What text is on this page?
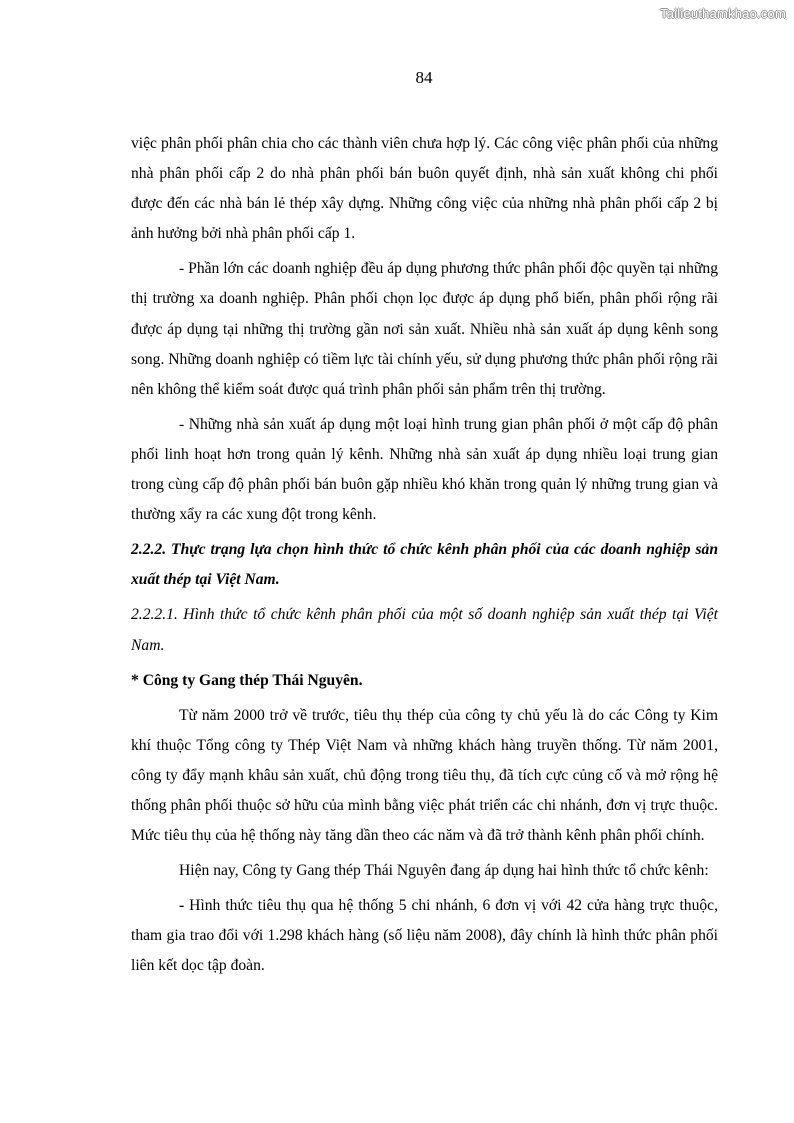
Tailieuthamkhao.com
84

việc phân phối phân chia cho các thành viên chưa hợp lý. Các công việc phân phối của những nhà phân phối cấp 2 do nhà phân phối bán buôn quyết định, nhà sản xuất không chi phối được đến các nhà bán lẻ thép xây dựng. Những công việc của những nhà phân phối cấp 2 bị ảnh hưởng bởi nhà phân phối cấp 1.

- Phần lớn các doanh nghiệp đều áp dụng phương thức phân phối độc quyền tại những thị trường xa doanh nghiệp. Phân phối chọn lọc được áp dụng phổ biến, phân phối rộng rãi được áp dụng tại những thị trường gần nơi sản xuất. Nhiều nhà sản xuất áp dụng kênh song song. Những doanh nghiệp có tiềm lực tài chính yếu, sử dụng phương thức phân phối rộng rãi nên không thể kiểm soát được quá trình phân phối sản phẩm trên thị trường.

- Những nhà sản xuất áp dụng một loại hình trung gian phân phối ở một cấp độ phân phối linh hoạt hơn trong quản lý kênh. Những nhà sản xuất áp dụng nhiều loại trung gian trong cùng cấp độ phân phối bán buôn gặp nhiều khó khăn trong quản lý những trung gian và thường xẩy ra các xung đột trong kênh.

2.2.2. Thực trạng lựa chọn hình thức tổ chức kênh phân phối của các doanh nghiệp sản xuất thép tại Việt Nam.

2.2.2.1. Hình thức tổ chức kênh phân phối của một số doanh nghiệp sản xuất thép tại Việt Nam.

* Công ty Gang thép Thái Nguyên.

Từ năm 2000 trở về trước, tiêu thụ thép của công ty chủ yếu là do các Công ty Kim khí thuộc Tổng công ty Thép Việt Nam và những khách hàng truyền thống. Từ năm 2001, công ty đẩy mạnh khâu sản xuất, chủ động trong tiêu thụ, đã tích cực củng cố và mở rộng hệ thống phân phối thuộc sở hữu của mình bằng việc phát triển các chi nhánh, đơn vị trực thuộc. Mức tiêu thụ của hệ thống này tăng dần theo các năm và đã trở thành kênh phân phối chính.

Hiện nay, Công ty Gang thép Thái Nguyên đang áp dụng hai hình thức tổ chức kênh:

- Hình thức tiêu thụ qua hệ thống 5 chi nhánh, 6 đơn vị với 42 cửa hàng trực thuộc, tham gia trao đổi với 1.298 khách hàng (số liệu năm 2008), đây chính là hình thức phân phối liên kết dọc tập đoàn.
